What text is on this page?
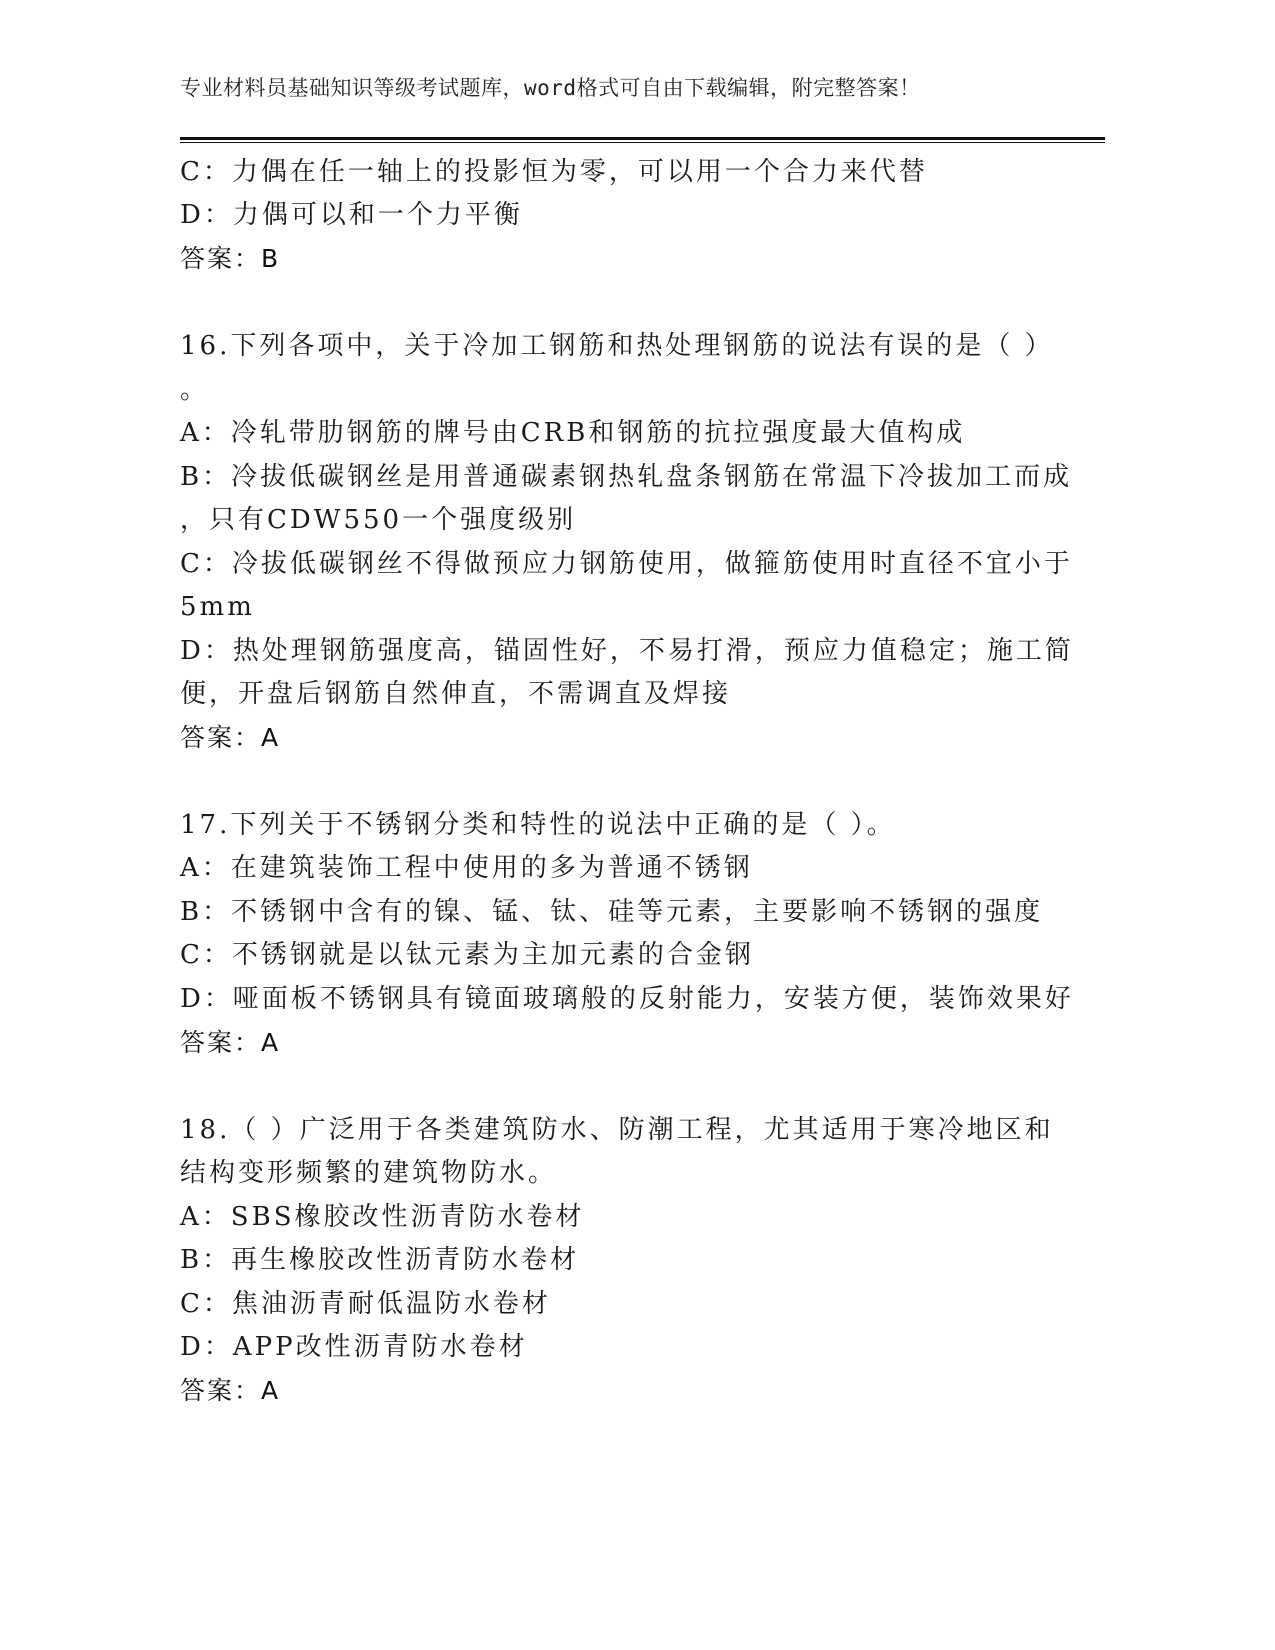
专业材料员基础知识等级考试题库，word格式可自由下载编辑，附完整答案！
C：力偶在任一轴上的投影恒为零，可以用一个合力来代替
D：力偶可以和一个力平衡
答案：B
16.下列各项中，关于冷加工钢筋和热处理钢筋的说法有误的是（ ）
。
A：冷轧带肋钢筋的牌号由CRB和钢筋的抗拉强度最大值构成
B：冷拔低碳钢丝是用普通碳素钢热轧盘条钢筋在常温下冷拔加工而成
，只有CDW550一个强度级别
C：冷拔低碳钢丝不得做预应力钢筋使用，做箍筋使用时直径不宜小于
5mm
D：热处理钢筋强度高，锚固性好，不易打滑，预应力值稳定；施工简
便，开盘后钢筋自然伸直，不需调直及焊接
答案：A
17.下列关于不锈钢分类和特性的说法中正确的是（ ）。
A：在建筑装饰工程中使用的多为普通不锈钢
B：不锈钢中含有的镍、锰、钛、硅等元素，主要影响不锈钢的强度
C：不锈钢就是以钛元素为主加元素的合金钢
D：哑面板不锈钢具有镜面玻璃般的反射能力，安装方便，装饰效果好
答案：A
18.（ ）广泛用于各类建筑防水、防潮工程，尤其适用于寒冷地区和
结构变形频繁的建筑物防水。
A：SBS橡胶改性沥青防水卷材
B：再生橡胶改性沥青防水卷材
C：焦油沥青耐低温防水卷材
D：APP改性沥青防水卷材
答案：A
